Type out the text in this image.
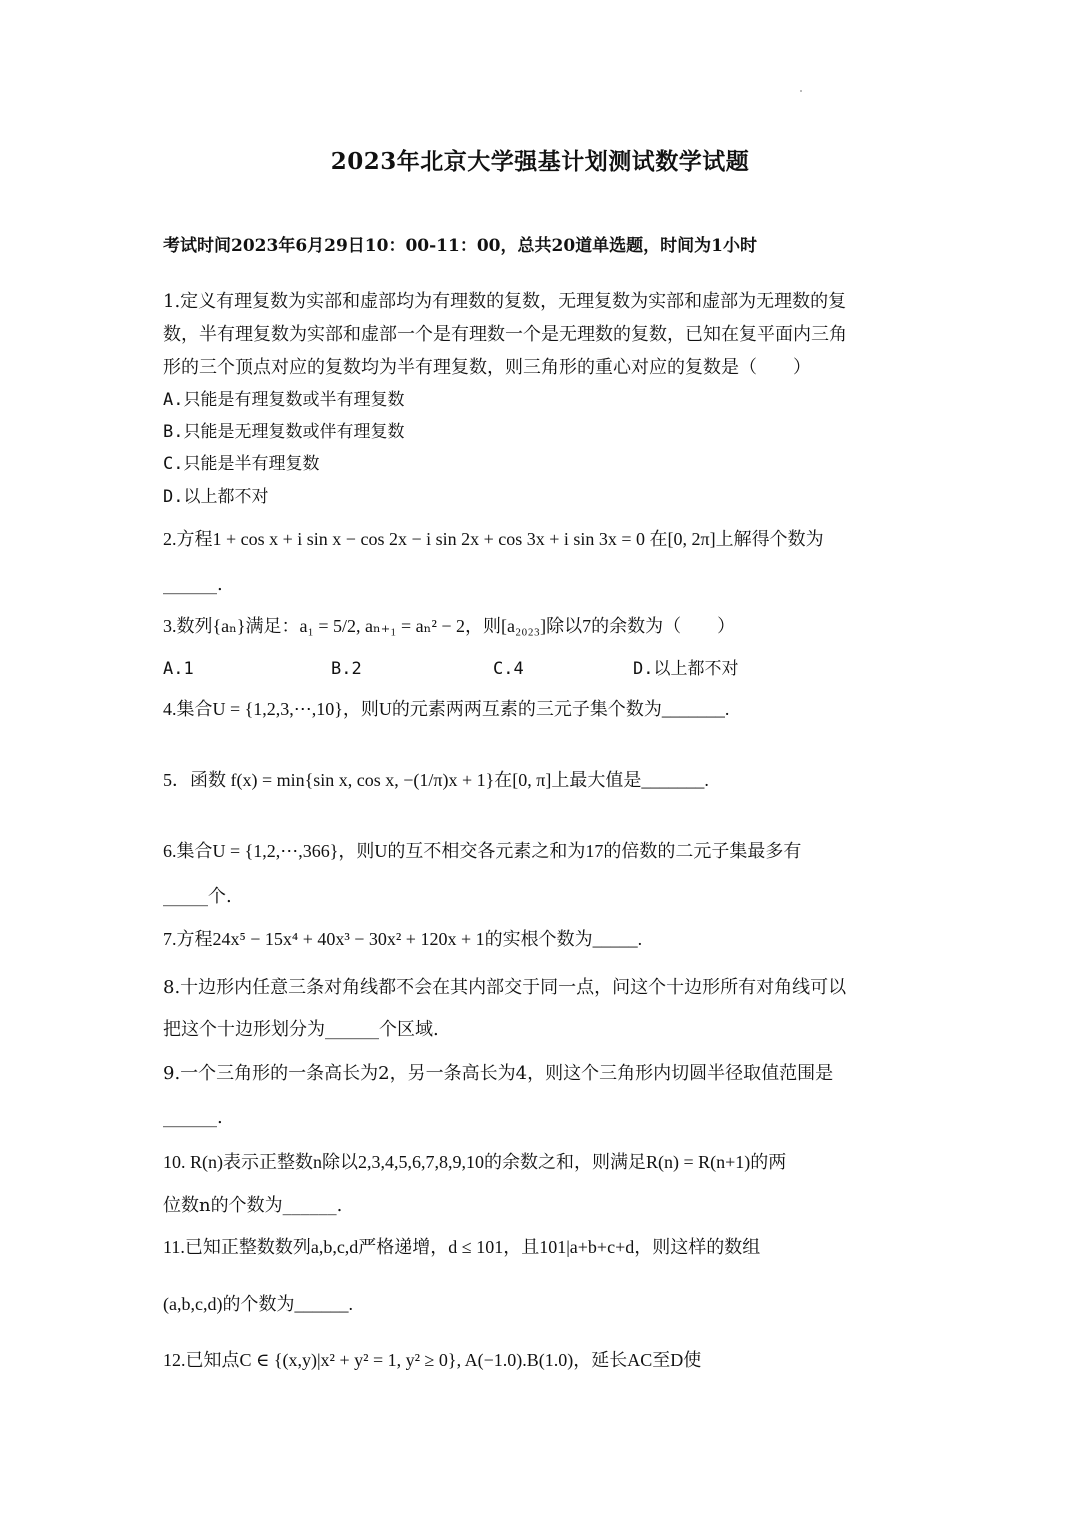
2023年北京大学强基计划测试数学试题
考试时间2023年6月29日10：00-11：00，总共20道单选题，时间为1小时
1.定义有理复数为实部和虚部均为有理数的复数，无理复数为实部和虚部为无理数的复
数，半有理复数为实部和虚部一个是有理数一个是无理数的复数，已知在复平面内三角
形的三个顶点对应的复数均为半有理复数，则三角形的重心对应的复数是（　　）
A.只能是有理复数或半有理复数
B.只能是无理复数或伴有理复数
C.只能是半有理复数
D.以上都不对
2.方程1 + cos x + i sin x − cos 2x − i sin 2x + cos 3x + i sin 3x = 0 在[0, 2π]上解得个数为
______.
3.数列{aₙ}满足：a₁ = 5/2, aₙ₊₁ = aₙ² − 2，则[a₂₀₂₃]除以7的余数为（　　）
A.1	B.2	C.4	D.以上都不对
4.集合U = {1,2,3,⋯,10}，则U的元素两两互素的三元子集个数为_______.
5．函数 f(x) = min{sin x, cos x, −(1/π)x + 1}在[0, π]上最大值是_______.
6.集合U = {1,2,⋯,366}，则U的互不相交各元素之和为17的倍数的二元子集最多有
_____个.
7.方程24x⁵ − 15x⁴ + 40x³ − 30x² + 120x + 1的实根个数为_____.
8.十边形内任意三条对角线都不会在其内部交于同一点，问这个十边形所有对角线可以
把这个十边形划分为______个区域.
9.一个三角形的一条高长为2，另一条高长为4，则这个三角形内切圆半径取值范围是
______.
10. R(n)表示正整数n除以2,3,4,5,6,7,8,9,10的余数之和，则满足R(n) = R(n+1)的两
位数n的个数为______.
11.已知正整数数列a,b,c,d严格递增，d ≤ 101，且101|a+b+c+d，则这样的数组
(a,b,c,d)的个数为______.
12.已知点C ∈ {(x,y)|x² + y² = 1, y² ≥ 0}, A(−1.0).B(1.0)，延长AC至D使
